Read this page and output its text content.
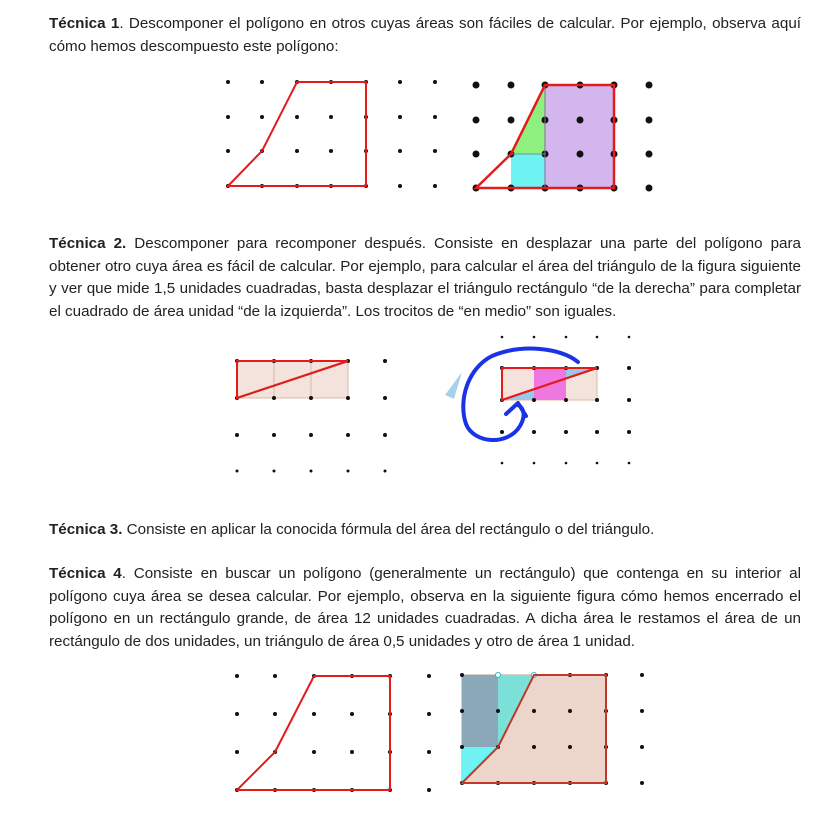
Técnica 1. Descomponer el polígono en otros cuyas áreas son fáciles de calcular. Por ejemplo, observa aquí cómo hemos descompuesto este polígono:

Técnica 2. Descomponer para recomponer después. Consiste en desplazar una parte del polígono para obtener otro cuya área es fácil de calcular. Por ejemplo, para calcular el área del triángulo de la figura siguiente y ver que mide 1,5 unidades cuadradas, basta desplazar el triángulo rectángulo “de la derecha” para completar el cuadrado de área unidad “de la izquierda”. Los trocitos de “en medio” son iguales.

Técnica 3. Consiste en aplicar la conocida fórmula del área del rectángulo o del triángulo.

Técnica 4. Consiste en buscar un polígono (generalmente un rectángulo) que contenga en su interior al polígono cuya área se desea calcular. Por ejemplo, observa en la siguiente figura cómo hemos encerrado el polígono en un rectángulo grande, de área 12 unidades cuadradas. A dicha área le restamos el área de un rectángulo de dos unidades, un triángulo de área 0,5 unidades y otro de área 1 unidad.
